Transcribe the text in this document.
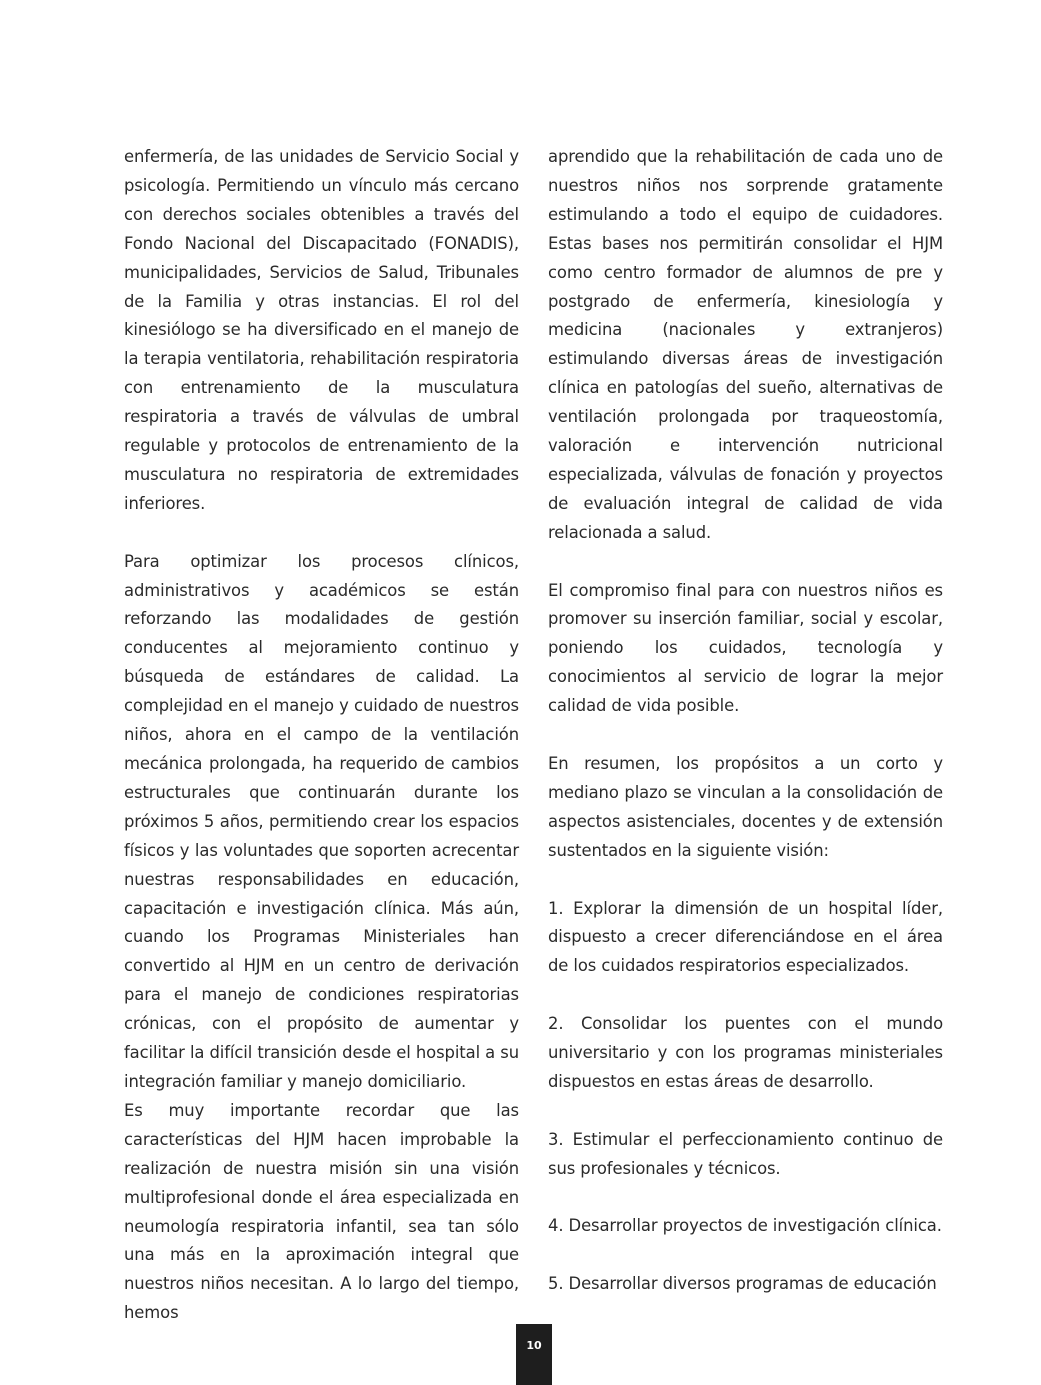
enfermería, de las unidades de Servicio Social y psicología. Permitiendo un vínculo más cercano con derechos sociales obtenibles a través del Fondo Nacional del Discapacitado (FONADIS), municipalidades, Servicios de Salud, Tribunales de la Familia y otras instancias. El rol del kinesiólogo se ha diversificado en el manejo de la terapia ventilatoria, rehabilitación respiratoria con entrenamiento de la musculatura respiratoria a través de válvulas de umbral regulable y protocolos de entrenamiento de la musculatura no respiratoria de extremidades inferiores.

Para optimizar los procesos clínicos, administrativos y académicos se están reforzando las modalidades de gestión conducentes al mejoramiento continuo y búsqueda de estándares de calidad. La complejidad en el manejo y cuidado de nuestros niños, ahora en el campo de la ventilación mecánica prolongada, ha requerido de cambios estructurales que continuarán durante los próximos 5 años, permitiendo crear los espacios físicos y las voluntades que soporten acrecentar nuestras responsabilidades en educación, capacitación e investigación clínica. Más aún, cuando los Programas Ministeriales han convertido al HJM en un centro de derivación para el manejo de condiciones respiratorias crónicas, con el propósito de aumentar y facilitar la difícil transición desde el hospital a su integración familiar y manejo domiciliario.

Es muy importante recordar que las características del HJM hacen improbable la realización de nuestra misión sin una visión multiprofesional donde el área especializada en neumología respiratoria infantil, sea tan sólo una más en la aproximación integral que nuestros niños necesitan. A lo largo del tiempo, hemos

aprendido que la rehabilitación de cada uno de nuestros niños nos sorprende gratamente estimulando a todo el equipo de cuidadores. Estas bases nos permitirán consolidar el HJM como centro formador de alumnos de pre y postgrado de enfermería, kinesiología y medicina (nacionales y extranjeros) estimulando diversas áreas de investigación clínica en patologías del sueño, alternativas de ventilación prolongada por traqueostomía, valoración e intervención nutricional especializada, válvulas de fonación y proyectos de evaluación integral de calidad de vida relacionada a salud.

El compromiso final para con nuestros niños es promover su inserción familiar, social y escolar, poniendo los cuidados, tecnología y conocimientos al servicio de lograr la mejor calidad de vida posible.

En resumen, los propósitos a un corto y mediano plazo se vinculan a la consolidación de aspectos asistenciales, docentes y de extensión sustentados en la siguiente visión:

1. Explorar la dimensión de un hospital líder, dispuesto a crecer diferenciándose en el área de los cuidados respiratorios especializados.

2. Consolidar los puentes con el mundo universitario y con los programas ministeriales dispuestos en estas áreas de desarrollo.

3. Estimular el perfeccionamiento continuo de sus profesionales y técnicos.

4. Desarrollar proyectos de investigación clínica.

5. Desarrollar diversos programas de educación

10
